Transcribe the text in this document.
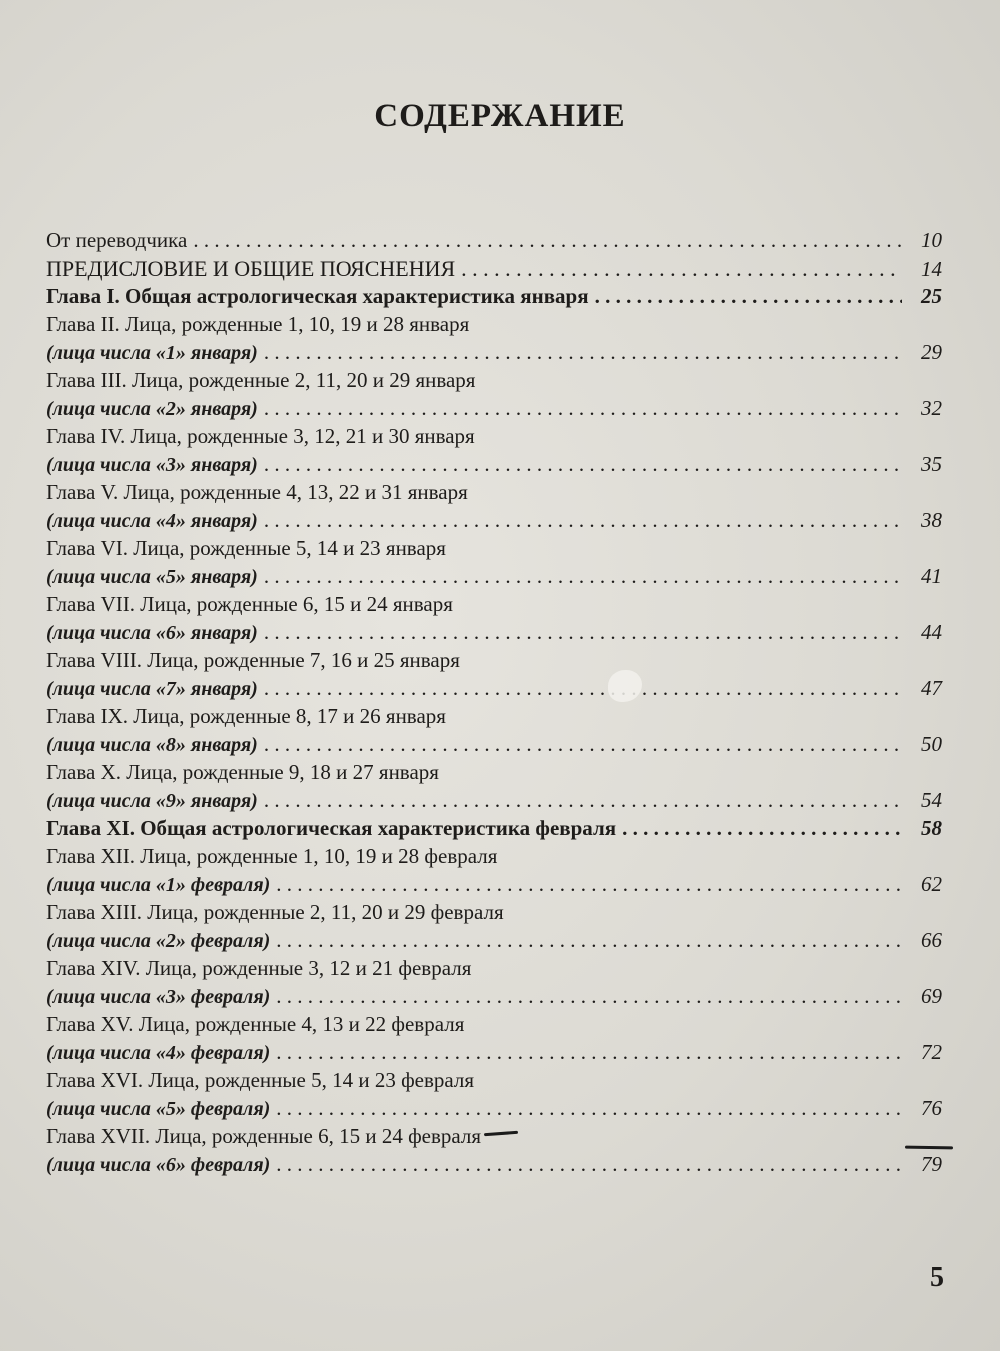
СОДЕРЖАНИЕ
От переводчика . . .	10
ПРЕДИСЛОВИЕ И ОБЩИЕ ПОЯСНЕНИЯ . . .	14
Глава I. Общая астрологическая характеристика января . . .	25
Глава II. Лица, рожденные 1, 10, 19 и 28 января
(лица числа «1» января) . . .	29
Глава III. Лица, рожденные 2, 11, 20 и 29 января
(лица числа «2» января) . . .	32
Глава IV. Лица, рожденные 3, 12, 21 и 30 января
(лица числа «3» января) . . .	35
Глава V. Лица, рожденные 4, 13, 22 и 31 января
(лица числа «4» января) . . .	38
Глава VI. Лица, рожденные 5, 14 и 23 января
(лица числа «5» января) . . .	41
Глава VII. Лица, рожденные 6, 15 и 24 января
(лица числа «6» января) . . .	44
Глава VIII. Лица, рожденные 7, 16 и 25 января
(лица числа «7» января) . . .	47
Глава IX. Лица, рожденные 8, 17 и 26 января
(лица числа «8» января) . . .	50
Глава X. Лица, рожденные 9, 18 и 27 января
(лица числа «9» января) . . .	54
Глава XI. Общая астрологическая характеристика февраля . . .	58
Глава XII. Лица, рожденные 1, 10, 19 и 28 февраля
(лица числа «1» февраля) . . .	62
Глава XIII. Лица, рожденные 2, 11, 20 и 29 февраля
(лица числа «2» февраля) . . .	66
Глава XIV. Лица, рожденные 3, 12 и 21 февраля
(лица числа «3» февраля) . . .	69
Глава XV. Лица, рожденные 4, 13 и 22 февраля
(лица числа «4» февраля) . . .	72
Глава XVI. Лица, рожденные 5, 14 и 23 февраля
(лица числа «5» февраля) . . .	76
Глава XVII. Лица, рожденные 6, 15 и 24 февраля
(лица числа «6» февраля) . . .	79
5
